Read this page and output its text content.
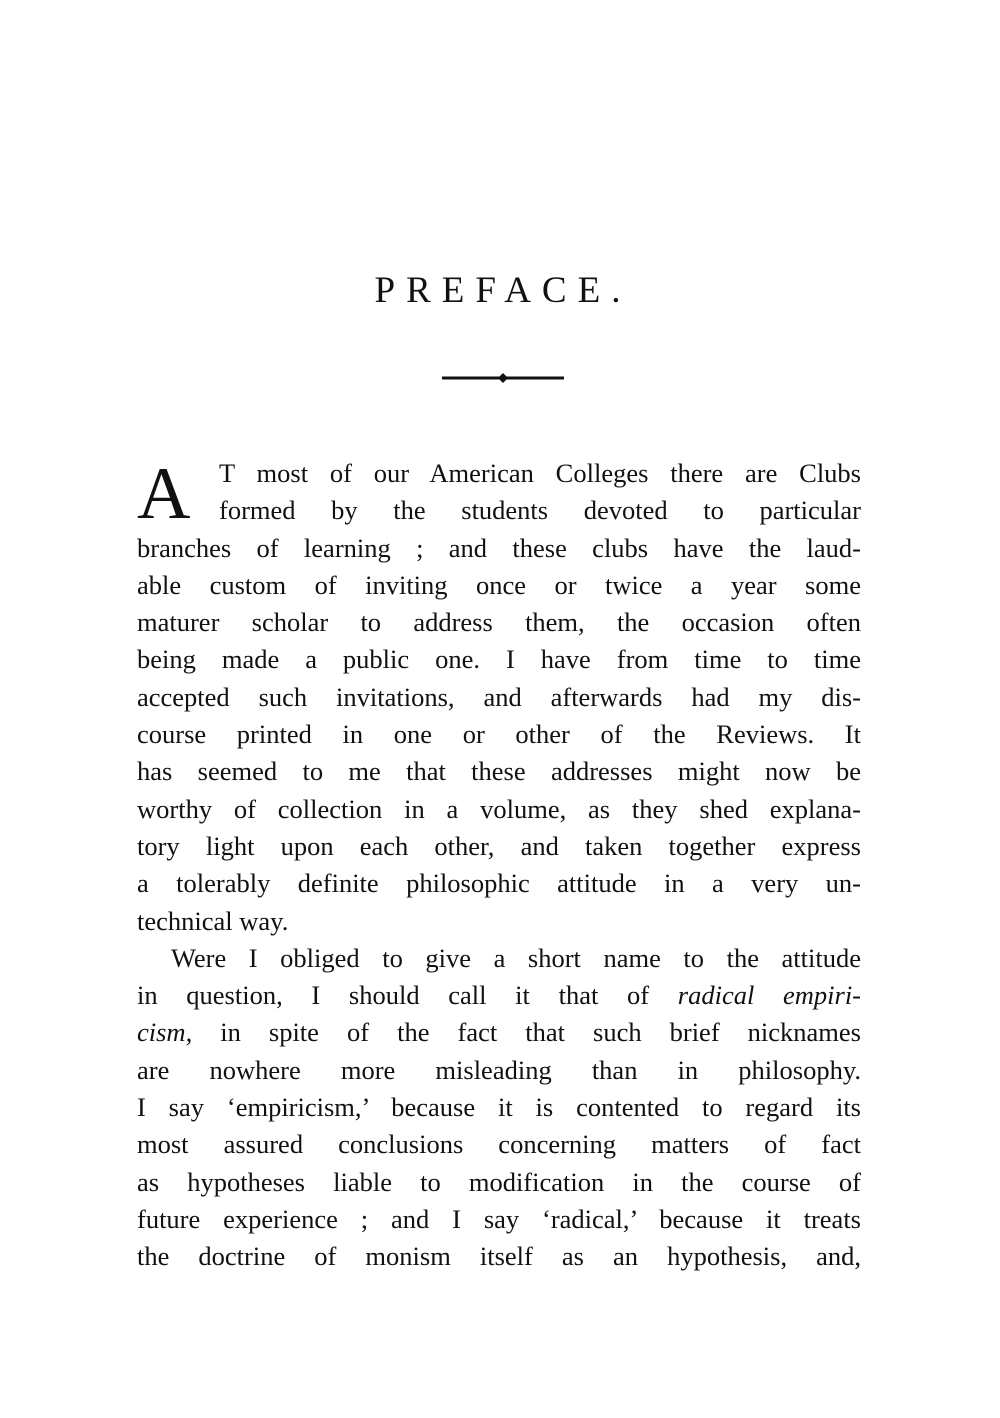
PREFACE.
A	T most of our American Colleges there are Clubs
formed by the students devoted to particular
branches of learning ; and these clubs have the laud-
able custom of inviting once or twice a year some
maturer scholar to address them, the occasion often
being made a public one. I have from time to time
accepted such invitations, and afterwards had my dis-
course printed in one or other of the Reviews. It
has seemed to me that these addresses might now be
worthy of collection in a volume, as they shed explana-
tory light upon each other, and taken together express
a tolerably definite philosophic attitude in a very un-
technical way.
Were I obliged to give a short name to the attitude
in question, I should call it that of radical empiri-
cism, in spite of the fact that such brief nicknames
are nowhere more misleading than in philosophy.
I say ‘empiricism,’ because it is contented to regard its
most assured conclusions concerning matters of fact
as hypotheses liable to modification in the course of
future experience ; and I say ‘radical,’ because it treats
the doctrine of monism itself as an hypothesis, and,
